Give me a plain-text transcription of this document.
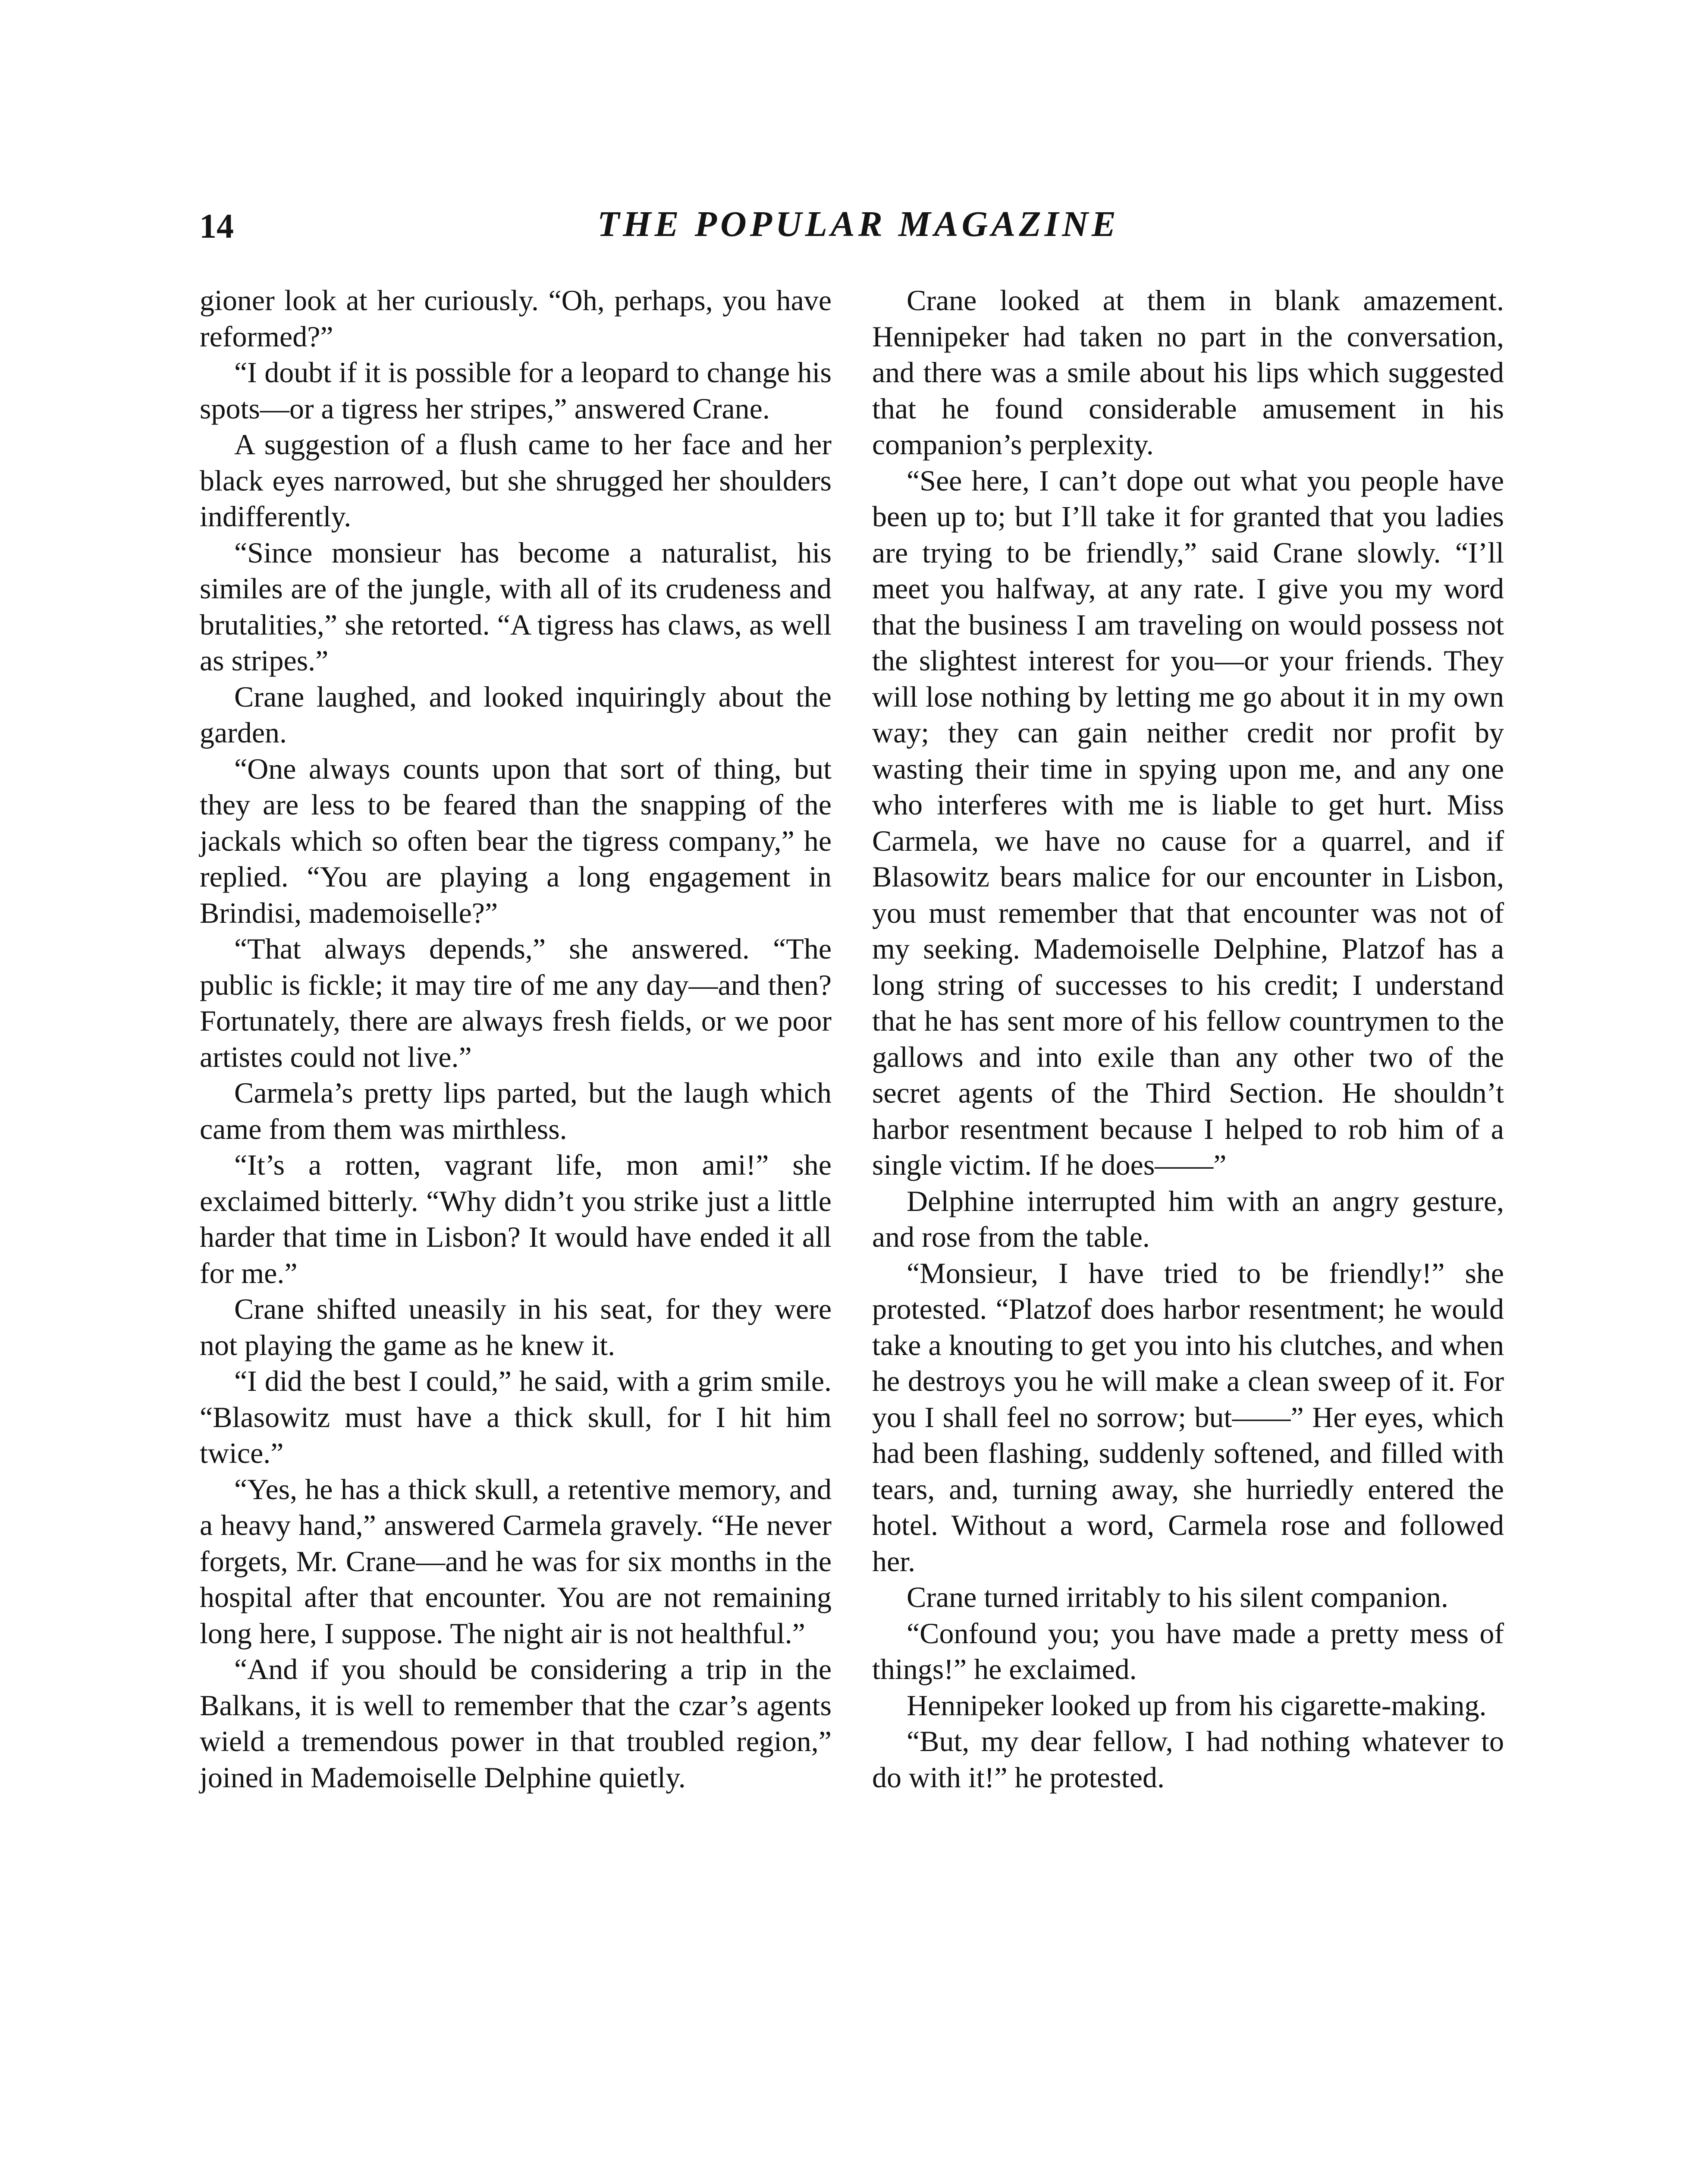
14	THE POPULAR MAGAZINE

gioner look at her curiously. “Oh, perhaps, you have reformed?”

“I doubt if it is possible for a leopard to change his spots—or a tigress her stripes,” answered Crane.

A suggestion of a flush came to her face and her black eyes narrowed, but she shrugged her shoulders indifferently.

“Since monsieur has become a naturalist, his similes are of the jungle, with all of its crudeness and brutalities,” she retorted. “A tigress has claws, as well as stripes.”

Crane laughed, and looked inquiringly about the garden.

“One always counts upon that sort of thing, but they are less to be feared than the snapping of the jackals which so often bear the tigress company,” he replied. “You are playing a long engagement in Brindisi, mademoiselle?”

“That always depends,” she answered. “The public is fickle; it may tire of me any day—and then? Fortunately, there are always fresh fields, or we poor artistes could not live.”

Carmela’s pretty lips parted, but the laugh which came from them was mirthless.

“It’s a rotten, vagrant life, mon ami!” she exclaimed bitterly. “Why didn’t you strike just a little harder that time in Lisbon? It would have ended it all for me.”

Crane shifted uneasily in his seat, for they were not playing the game as he knew it.

“I did the best I could,” he said, with a grim smile. “Blasowitz must have a thick skull, for I hit him twice.”

“Yes, he has a thick skull, a retentive memory, and a heavy hand,” answered Carmela gravely. “He never forgets, Mr. Crane—and he was for six months in the hospital after that encounter. You are not remaining long here, I suppose. The night air is not healthful.”

“And if you should be considering a trip in the Balkans, it is well to remember that the czar’s agents wield a tremendous power in that troubled region,” joined in Mademoiselle Delphine quietly.

Crane looked at them in blank amazement. Hennipeker had taken no part in the conversation, and there was a smile about his lips which suggested that he found considerable amusement in his companion’s perplexity.

“See here, I can’t dope out what you people have been up to; but I’ll take it for granted that you ladies are trying to be friendly,” said Crane slowly. “I’ll meet you halfway, at any rate. I give you my word that the business I am traveling on would possess not the slightest interest for you—or your friends. They will lose nothing by letting me go about it in my own way; they can gain neither credit nor profit by wasting their time in spying upon me, and any one who interferes with me is liable to get hurt. Miss Carmela, we have no cause for a quarrel, and if Blasowitz bears malice for our encounter in Lisbon, you must remember that that encounter was not of my seeking. Mademoiselle Delphine, Platzof has a long string of successes to his credit; I understand that he has sent more of his fellow countrymen to the gallows and into exile than any other two of the secret agents of the Third Section. He shouldn’t harbor resentment because I helped to rob him of a single victim. If he does——”

Delphine interrupted him with an angry gesture, and rose from the table.

“Monsieur, I have tried to be friendly!” she protested. “Platzof does harbor resentment; he would take a knouting to get you into his clutches, and when he destroys you he will make a clean sweep of it. For you I shall feel no sorrow; but——” Her eyes, which had been flashing, suddenly softened, and filled with tears, and, turning away, she hurriedly entered the hotel. Without a word, Carmela rose and followed her.

Crane turned irritably to his silent companion.

“Confound you; you have made a pretty mess of things!” he exclaimed.

Hennipeker looked up from his cigarette-making.

“But, my dear fellow, I had nothing whatever to do with it!” he protested.
